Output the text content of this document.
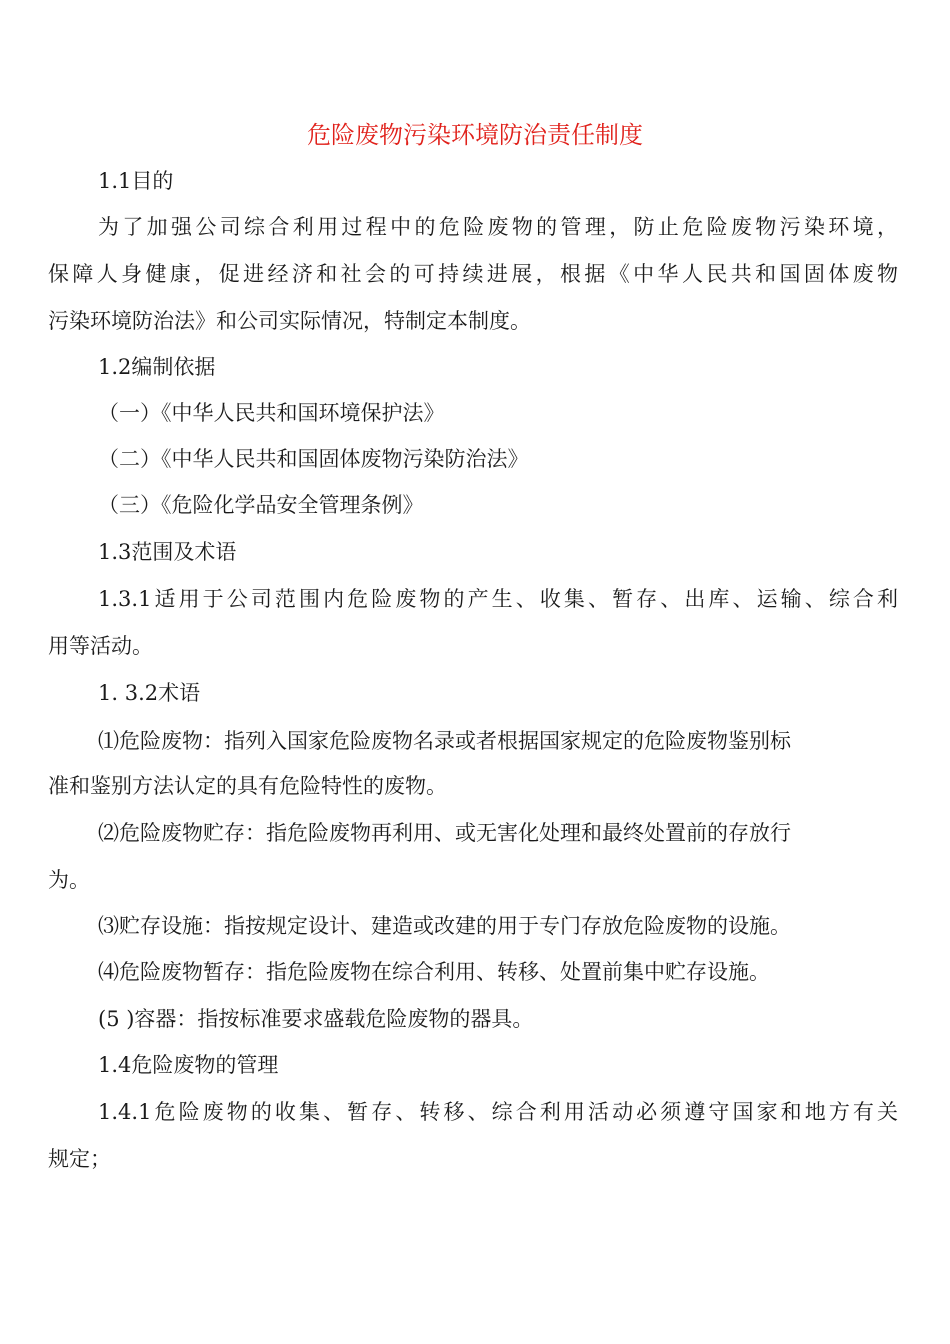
危险废物污染环境防治责任制度
1.1目的
为了加强公司综合利用过程中的危险废物的管理，防止危险废物污染环境，
保障人身健康，促进经济和社会的可持续进展，根据《中华人民共和国固体废物
污染环境防治法》和公司实际情况，特制定本制度。
1.2编制依据
（一）《中华人民共和国环境保护法》
（二）《中华人民共和国固体废物污染防治法》
（三）《危险化学品安全管理条例》
1.3范围及术语
1.3.1适用于公司范围内危险废物的产生、收集、暂存、出库、运输、综合利
用等活动。
1. 3.2术语
⑴危险废物：指列入国家危险废物名录或者根据国家规定的危险废物鉴别标
准和鉴别方法认定的具有危险特性的废物。
⑵危险废物贮存：指危险废物再利用、或无害化处理和最终处置前的存放行
为。
⑶贮存设施：指按规定设计、建造或改建的用于专门存放危险废物的设施。
⑷危险废物暂存：指危险废物在综合利用、转移、处置前集中贮存设施。
(5 )容器：指按标准要求盛载危险废物的器具。
1.4危险废物的管理
1.4.1危险废物的收集、暂存、转移、综合利用活动必须遵守国家和地方有关
规定；
